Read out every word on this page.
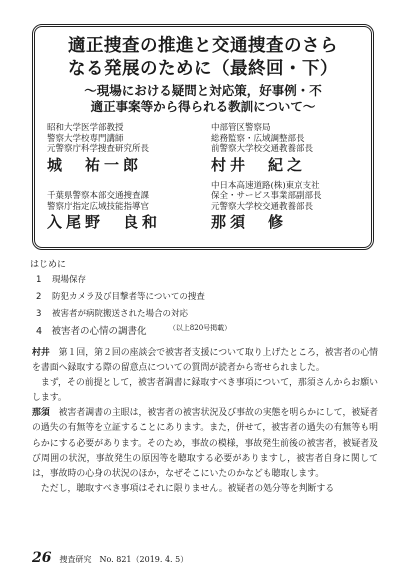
適正捜査の推進と交通捜査のさら
なる発展のために（最終回・下）
～現場における疑問と対応策，好事例・不
適正事案等から得られる教訓について～
昭和大学医学部教授
警察大学校専門講師
元警察庁科学捜査研究所長
城　祐一郎
中部管区警察局
総務監察・広域調整部長
前警察大学校交通教養部長
村井　紀之

千葉県警察本部交通捜査課
警察庁指定広域技能指導官
入尾野　良和
中日本高速道路(株)東京支社
保全・サービス事業部副部長
元警察大学校交通教養部長
那須　修
はじめに
1 現場保存
2 防犯カメラ及び目撃者等についての捜査
3 被害者が病院搬送された場合の対応
（以上820号掲載）
4　被害者の心情の調書化

村井　第１回，第２回の座談会で被害者支援について取り上げたところ，被害者の心情を書面へ録取する際の留意点についての質問が読者から寄せられました。

　まず，その前提として，被害者調書に録取すべき事項について，那須さんからお願いします。

那須　被害者調書の主眼は，被害者の被害状況及び事故の実態を明らかにして，被疑者の過失の有無等を立証することにあります。また，併せて，被害者の過失の有無等も明らかにする必要があります。そのため，事故の模様，事故発生前後の被害者，被疑者及び周囲の状況，事故発生の原因等を聴取する必要がありますし，被害者自身に関しては，事故時の心身の状況のほか，なぜそこにいたのかなども聴取します。

　ただし，聴取すべき事項はそれに限りません。被疑者の処分等を判断する

26 捜査研究 No. 821（2019. 4. 5）
